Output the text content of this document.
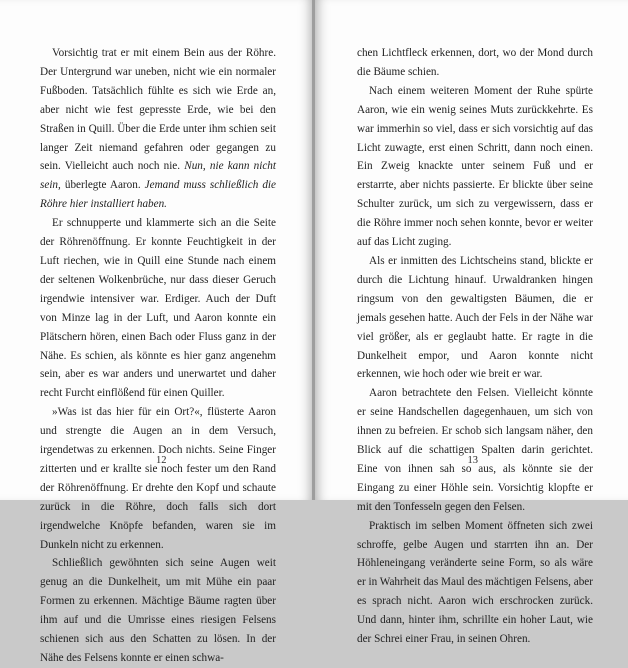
Vorsichtig trat er mit einem Bein aus der Röhre. Der Untergrund war uneben, nicht wie ein normaler Fußboden. Tatsächlich fühlte es sich wie Erde an, aber nicht wie fest gepresste Erde, wie bei den Straßen in Quill. Über die Erde unter ihm schien seit langer Zeit niemand gefahren oder gegangen zu sein. Vielleicht auch noch nie. Nun, nie kann nicht sein, überlegte Aaron. Jemand muss schließlich die Röhre hier installiert haben.

Er schnupperte und klammerte sich an die Seite der Röhrenöffnung. Er konnte Feuchtigkeit in der Luft riechen, wie in Quill eine Stunde nach einem der seltenen Wolkenbrüche, nur dass dieser Geruch irgendwie intensiver war. Erdiger. Auch der Duft von Minze lag in der Luft, und Aaron konnte ein Plätschern hören, einen Bach oder Fluss ganz in der Nähe. Es schien, als könnte es hier ganz angenehm sein, aber es war anders und unerwartet und daher recht Furcht einflößend für einen Quiller.

»Was ist das hier für ein Ort?«, flüsterte Aaron und strengte die Augen an in dem Versuch, irgendetwas zu erkennen. Doch nichts. Seine Finger zitterten und er krallte sie noch fester um den Rand der Röhrenöffnung. Er drehte den Kopf und schaute zurück in die Röhre, doch falls sich dort irgendwelche Knöpfe befanden, waren sie im Dunkeln nicht zu erkennen.

Schließlich gewöhnten sich seine Augen weit genug an die Dunkelheit, um mit Mühe ein paar Formen zu erkennen. Mächtige Bäume ragten über ihm auf und die Umrisse eines riesigen Felsens schienen sich aus den Schatten zu lösen. In der Nähe des Felsens konnte er einen schwa-

12

chen Lichtfleck erkennen, dort, wo der Mond durch die Bäume schien.

Nach einem weiteren Moment der Ruhe spürte Aaron, wie ein wenig seines Muts zurückkehrte. Es war immerhin so viel, dass er sich vorsichtig auf das Licht zuwagte, erst einen Schritt, dann noch einen. Ein Zweig knackte unter seinem Fuß und er erstarrte, aber nichts passierte. Er blickte über seine Schulter zurück, um sich zu vergewissern, dass er die Röhre immer noch sehen konnte, bevor er weiter auf das Licht zuging.

Als er inmitten des Lichtscheins stand, blickte er durch die Lichtung hinauf. Urwaldranken hingen ringsum von den gewaltigsten Bäumen, die er jemals gesehen hatte. Auch der Fels in der Nähe war viel größer, als er geglaubt hatte. Er ragte in die Dunkelheit empor, und Aaron konnte nicht erkennen, wie hoch oder wie breit er war.

Aaron betrachtete den Felsen. Vielleicht könnte er seine Handschellen dagegenhauen, um sich von ihnen zu befreien. Er schob sich langsam näher, den Blick auf die schattigen Spalten darin gerichtet. Eine von ihnen sah so aus, als könnte sie der Eingang zu einer Höhle sein. Vorsichtig klopfte er mit den Tonfesseln gegen den Felsen.

Praktisch im selben Moment öffneten sich zwei schroffe, gelbe Augen und starrten ihn an. Der Höhleneingang veränderte seine Form, so als wäre er in Wahrheit das Maul des mächtigen Felsens, aber es sprach nicht. Aaron wich erschrocken zurück. Und dann, hinter ihm, schrillte ein hoher Laut, wie der Schrei einer Frau, in seinen Ohren.

13
